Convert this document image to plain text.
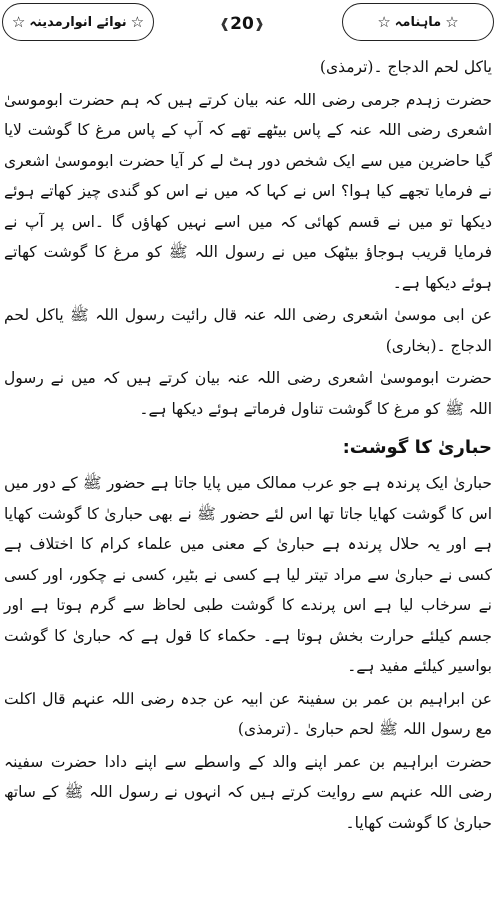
☆ نوائے انوارمدینہ ☆	❰ 20 ❱	☆ ماہنامہ ☆

یاکل لحم الدجاج ۔(ترمذی)

حضرت زہدم جرمی رضی اللہ عنہ بیان کرتے ہیں کہ ہم حضرت ابوموسیٰ اشعری رضی اللہ عنہ کے پاس بیٹھے تھے کہ آپ کے پاس مرغ کا گوشت لایا گیا حاضرین میں سے ایک شخص دور ہٹ لے کر آیا حضرت ابوموسیٰ اشعری نے فرمایا تجھے کیا ہوا؟ اس نے کہا کہ میں نے اس کو گندی چیز کھاتے ہوئے دیکھا تو میں نے قسم کھائی کہ میں اسے نہیں کھاؤں گا ۔اس پر آپ نے فرمایا قریب ہوجاؤ بیٹھک میں نے رسول اللہ ﷺ کو مرغ کا گوشت کھاتے ہوئے دیکھا ہے۔

عن ابی موسیٰ اشعری رضی اللہ عنہ قال رائیت رسول اللہ ﷺ یاکل لحم الدجاج ۔(بخاری)

حضرت ابوموسیٰ اشعری رضی اللہ عنہ بیان کرتے ہیں کہ میں نے رسول اللہ ﷺ کو مرغ کا گوشت تناول فرماتے ہوئے دیکھا ہے۔

حباریٰ کا گوشت:

حباریٰ ایک پرندہ ہے جو عرب ممالک میں پایا جاتا ہے حضور ﷺ کے دور میں اس کا گوشت کھایا جاتا تھا اس لئے حضور ﷺ نے بھی حباریٰ کا گوشت کھایا ہے اور یہ حلال پرندہ ہے حباریٰ کے معنی میں علماء کرام کا اختلاف ہے کسی نے حباریٰ سے مراد تیتر لیا ہے کسی نے بٹیر، کسی نے چکور، اور کسی نے سرخاب لیا ہے اس پرندے کا گوشت طبی لحاظ سے گرم ہوتا ہے اور جسم کیلئے حرارت بخش ہوتا ہے۔ حکماء کا قول ہے کہ حباریٰ کا گوشت بواسیر کیلئے مفید ہے۔

عن ابراہیم بن عمر بن سفینۃ عن ابیہ عن جدہ رضی اللہ عنہم قال اکلت مع رسول اللہ ﷺ لحم حباریٰ ۔(ترمذی)

حضرت ابراہیم بن عمر اپنے والد کے واسطے سے اپنے دادا حضرت سفینہ رضی اللہ عنہم سے روایت کرتے ہیں کہ انہوں نے رسول اللہ ﷺ کے ساتھ حباریٰ کا گوشت کھایا۔
